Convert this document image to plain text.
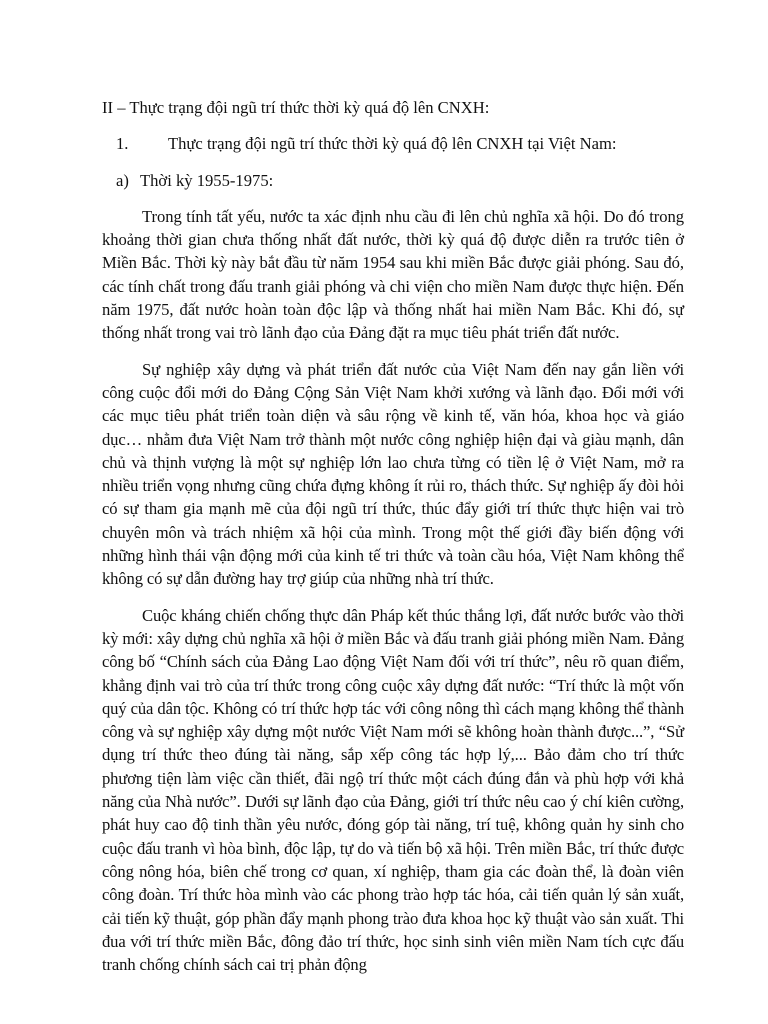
II – Thực trạng đội ngũ trí thức thời kỳ quá độ lên CNXH:

1. Thực trạng đội ngũ trí thức thời kỳ quá độ lên CNXH tại Việt Nam:

a) Thời kỳ 1955-1975:

Trong tính tất yếu, nước ta xác định nhu cầu đi lên chủ nghĩa xã hội. Do đó trong khoảng thời gian chưa thống nhất đất nước, thời kỳ quá độ được diễn ra trước tiên ở Miền Bắc. Thời kỳ này bắt đầu từ năm 1954 sau khi miền Bắc được giải phóng. Sau đó, các tính chất trong đấu tranh giải phóng và chi viện cho miền Nam được thực hiện. Đến năm 1975, đất nước hoàn toàn độc lập và thống nhất hai miền Nam Bắc. Khi đó, sự thống nhất trong vai trò lãnh đạo của Đảng đặt ra mục tiêu phát triển đất nước.

Sự nghiệp xây dựng và phát triển đất nước của Việt Nam đến nay gắn liền với công cuộc đổi mới do Đảng Cộng Sản Việt Nam khởi xướng và lãnh đạo. Đổi mới với các mục tiêu phát triển toàn diện và sâu rộng về kinh tế, văn hóa, khoa học và giáo dục… nhằm đưa Việt Nam trở thành một nước công nghiệp hiện đại và giàu mạnh, dân chủ và thịnh vượng là một sự nghiệp lớn lao chưa từng có tiền lệ ở Việt Nam, mở ra nhiều triển vọng nhưng cũng chứa đựng không ít rủi ro, thách thức. Sự nghiệp ấy đòi hỏi có sự tham gia mạnh mẽ của đội ngũ trí thức, thúc đẩy giới trí thức thực hiện vai trò chuyên môn và trách nhiệm xã hội của mình. Trong một thế giới đầy biến động với những hình thái vận động mới của kinh tế tri thức và toàn cầu hóa, Việt Nam không thể không có sự dẫn đường hay trợ giúp của những nhà trí thức.

Cuộc kháng chiến chống thực dân Pháp kết thúc thắng lợi, đất nước bước vào thời kỳ mới: xây dựng chủ nghĩa xã hội ở miền Bắc và đấu tranh giải phóng miền Nam. Đảng công bố “Chính sách của Đảng Lao động Việt Nam đối với trí thức”, nêu rõ quan điểm, khẳng định vai trò của trí thức trong công cuộc xây dựng đất nước: “Trí thức là một vốn quý của dân tộc. Không có trí thức hợp tác với công nông thì cách mạng không thể thành công và sự nghiệp xây dựng một nước Việt Nam mới sẽ không hoàn thành được...”, “Sử dụng trí thức theo đúng tài năng, sắp xếp công tác hợp lý,... Bảo đảm cho trí thức phương tiện làm việc cần thiết, đãi ngộ trí thức một cách đúng đắn và phù hợp với khả năng của Nhà nước”. Dưới sự lãnh đạo của Đảng, giới trí thức nêu cao ý chí kiên cường, phát huy cao độ tinh thần yêu nước, đóng góp tài năng, trí tuệ, không quản hy sinh cho cuộc đấu tranh vì hòa bình, độc lập, tự do và tiến bộ xã hội. Trên miền Bắc, trí thức được công nông hóa, biên chế trong cơ quan, xí nghiệp, tham gia các đoàn thể, là đoàn viên công đoàn. Trí thức hòa mình vào các phong trào hợp tác hóa, cải tiến quản lý sản xuất, cải tiến kỹ thuật, góp phần đẩy mạnh phong trào đưa khoa học kỹ thuật vào sản xuất. Thi đua với trí thức miền Bắc, đông đảo trí thức, học sinh sinh viên miền Nam tích cực đấu tranh chống chính sách cai trị phản động
